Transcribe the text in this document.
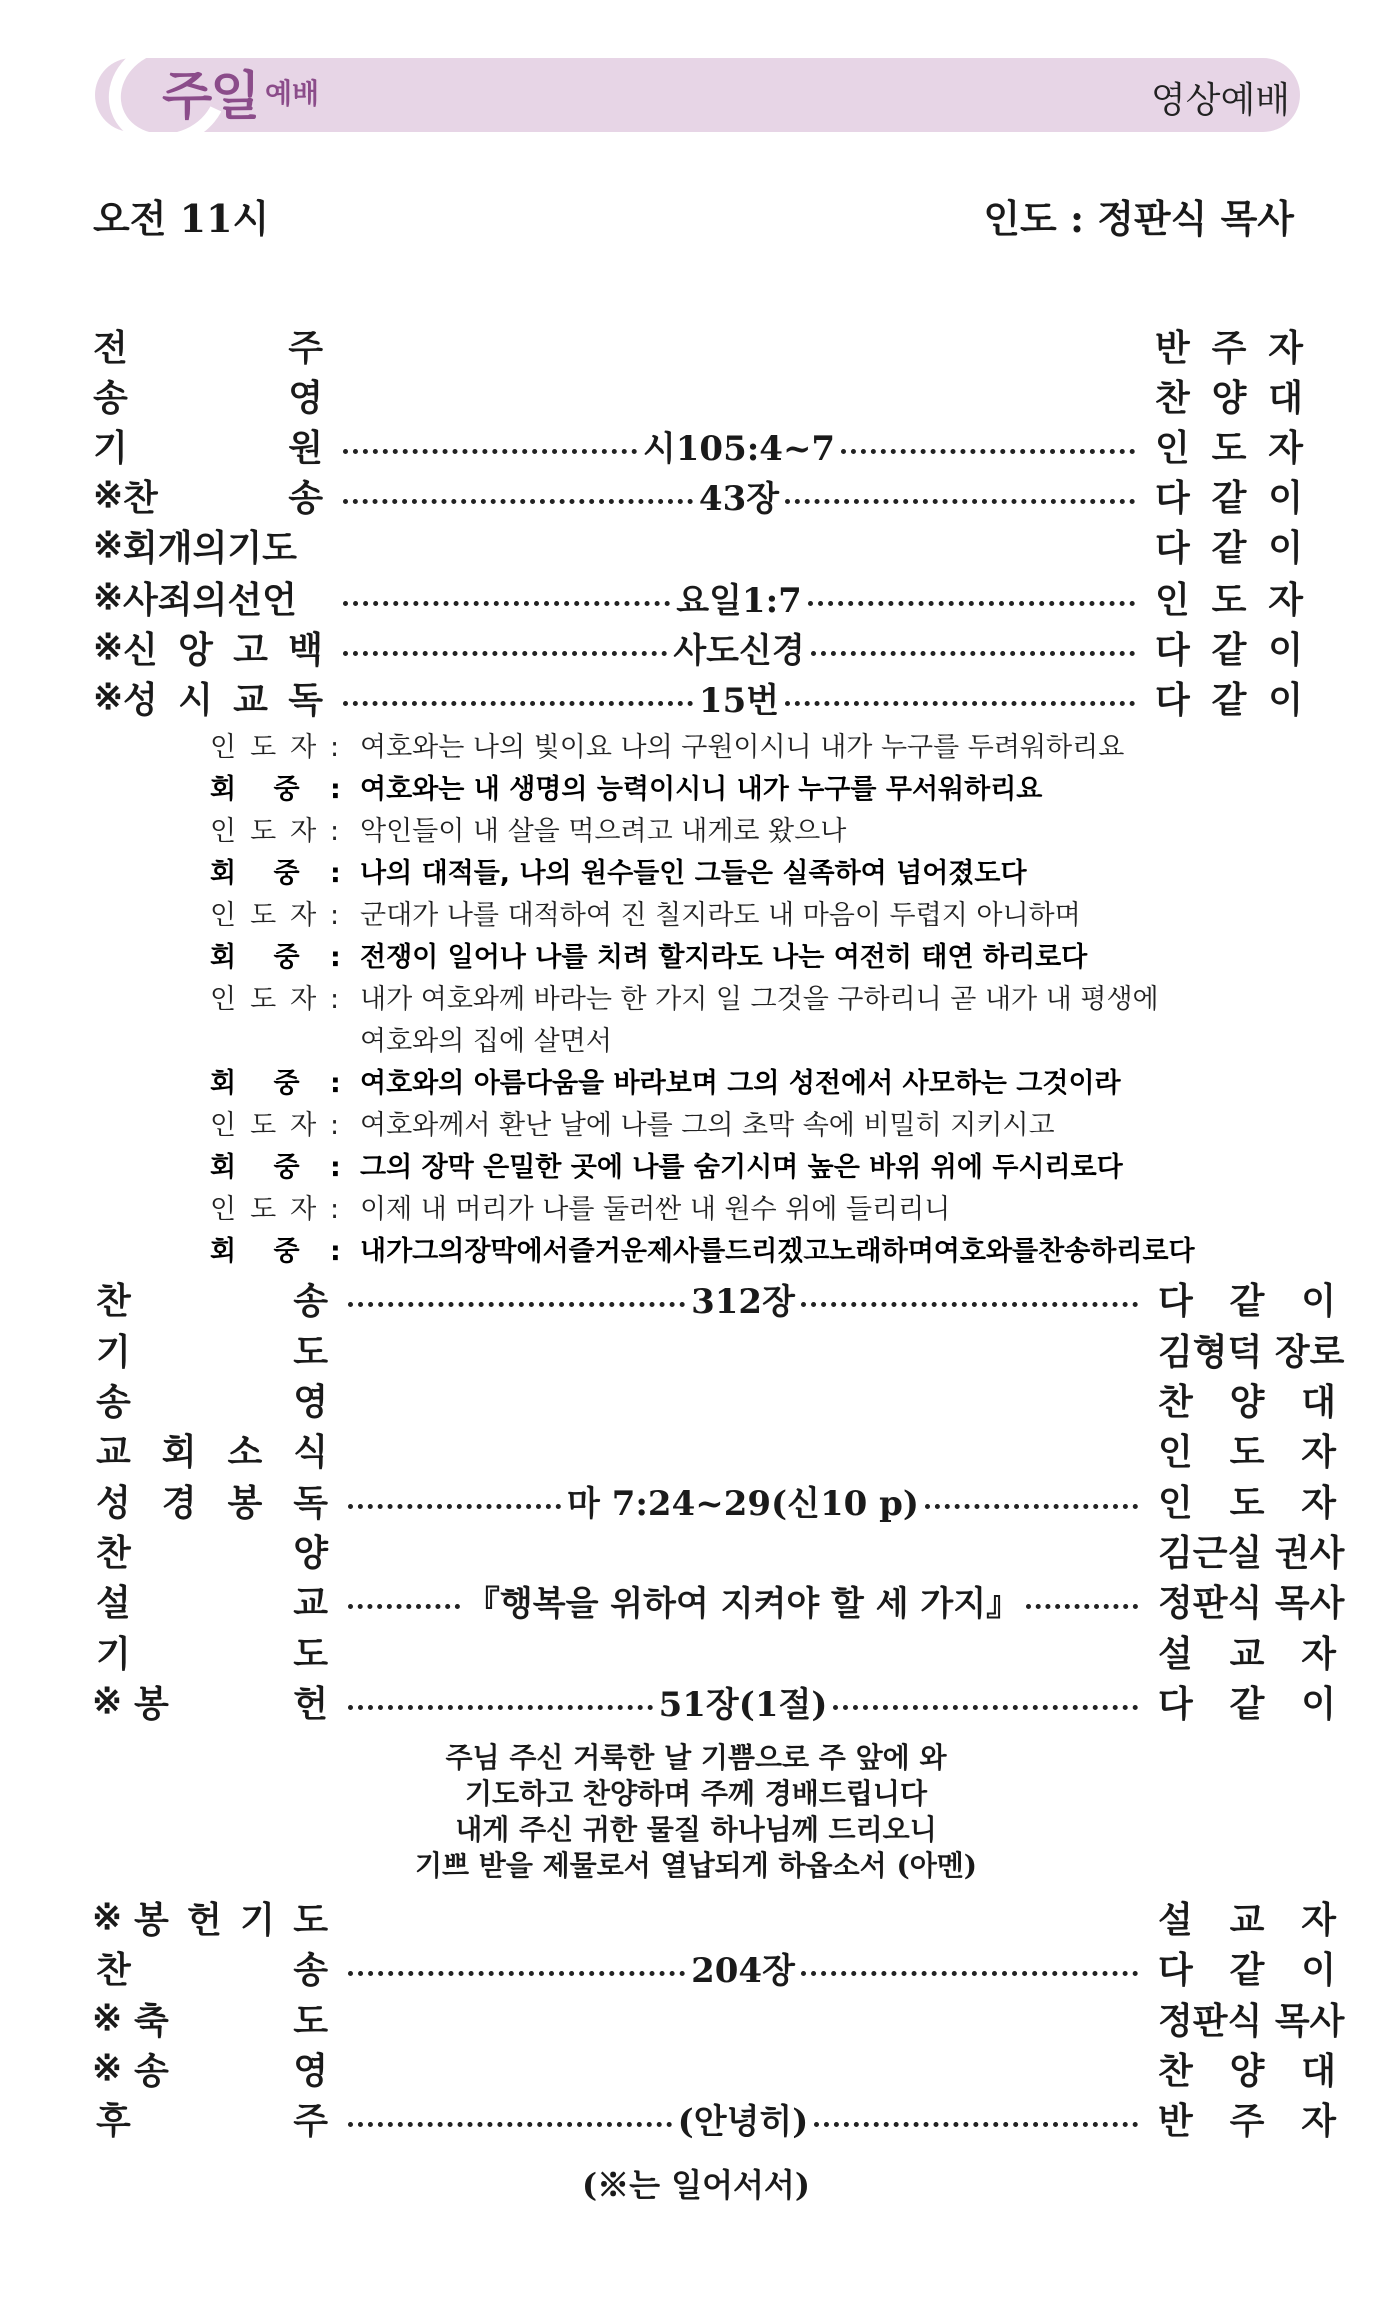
주일 예배	영상예배
오전 11시	인도 : 정판식 목사
전	주	반 주 자
송	영	찬 양 대
기	원	시105:4~7	인 도 자
※ 찬	송	43장	다 같 이
※ 회 개 의 기 도	다 같 이
※ 사 죄 의 선 언	요일1:7	인 도 자
※ 신 앙 고 백	사도신경	다 같 이
※ 성 시 교 독	15번	다 같 이
인도자: 여호와는 나의 빛이요 나의 구원이시니 내가 누구를 두려워하리요
회 중 : 여호와는 내 생명의 능력이시니 내가 누구를 무서워하리요
인도자: 악인들이 내 살을 먹으려고 내게로 왔으나
회 중 : 나의 대적들, 나의 원수들인 그들은 실족하여 넘어졌도다
인도자: 군대가 나를 대적하여 진 칠지라도 내 마음이 두렵지 아니하며
회 중 : 전쟁이 일어나 나를 치려 할지라도 나는 여전히 태연 하리로다
인도자: 내가 여호와께 바라는 한 가지 일 그것을 구하리니 곧 내가 내 평생에
여호와의 집에 살면서
회 중 : 여호와의 아름다움을 바라보며 그의 성전에서 사모하는 그것이라
인도자: 여호와께서 환난 날에 나를 그의 초막 속에 비밀히 지키시고
회 중 : 그의 장막 은밀한 곳에 나를 숨기시며 높은 바위 위에 두시리로다
인도자: 이제 내 머리가 나를 둘러싼 내 원수 위에 들리리니
회 중 : 내가그의장막에서즐거운제사를드리겠고노래하며여호와를찬송하리로다
찬	송	312장	다 같 이
기	도	김형덕 장로
송	영	찬 양 대
교 회 소 식	인 도 자
성 경 봉 독	마 7:24~29(신10 p)	인 도 자
찬	양	김근실 권사
설	교	『행복을 위하여 지켜야 할 세 가지』	정판식 목사
기	도	설 교 자
※ 봉	헌	51장(1절)	다 같 이
주님 주신 거룩한 날 기쁨으로 주 앞에 와
기도하고 찬양하며 주께 경배드립니다
내게 주신 귀한 물질 하나님께 드리오니
기쁘 받을 제물로서 열납되게 하옵소서 (아멘)
※ 봉 헌 기 도	설 교 자
찬	송	204장	다 같 이
※ 축	도	정판식 목사
※ 송	영	찬 양 대
후	주	(안녕히)	반 주 자
(※는 일어서서)
